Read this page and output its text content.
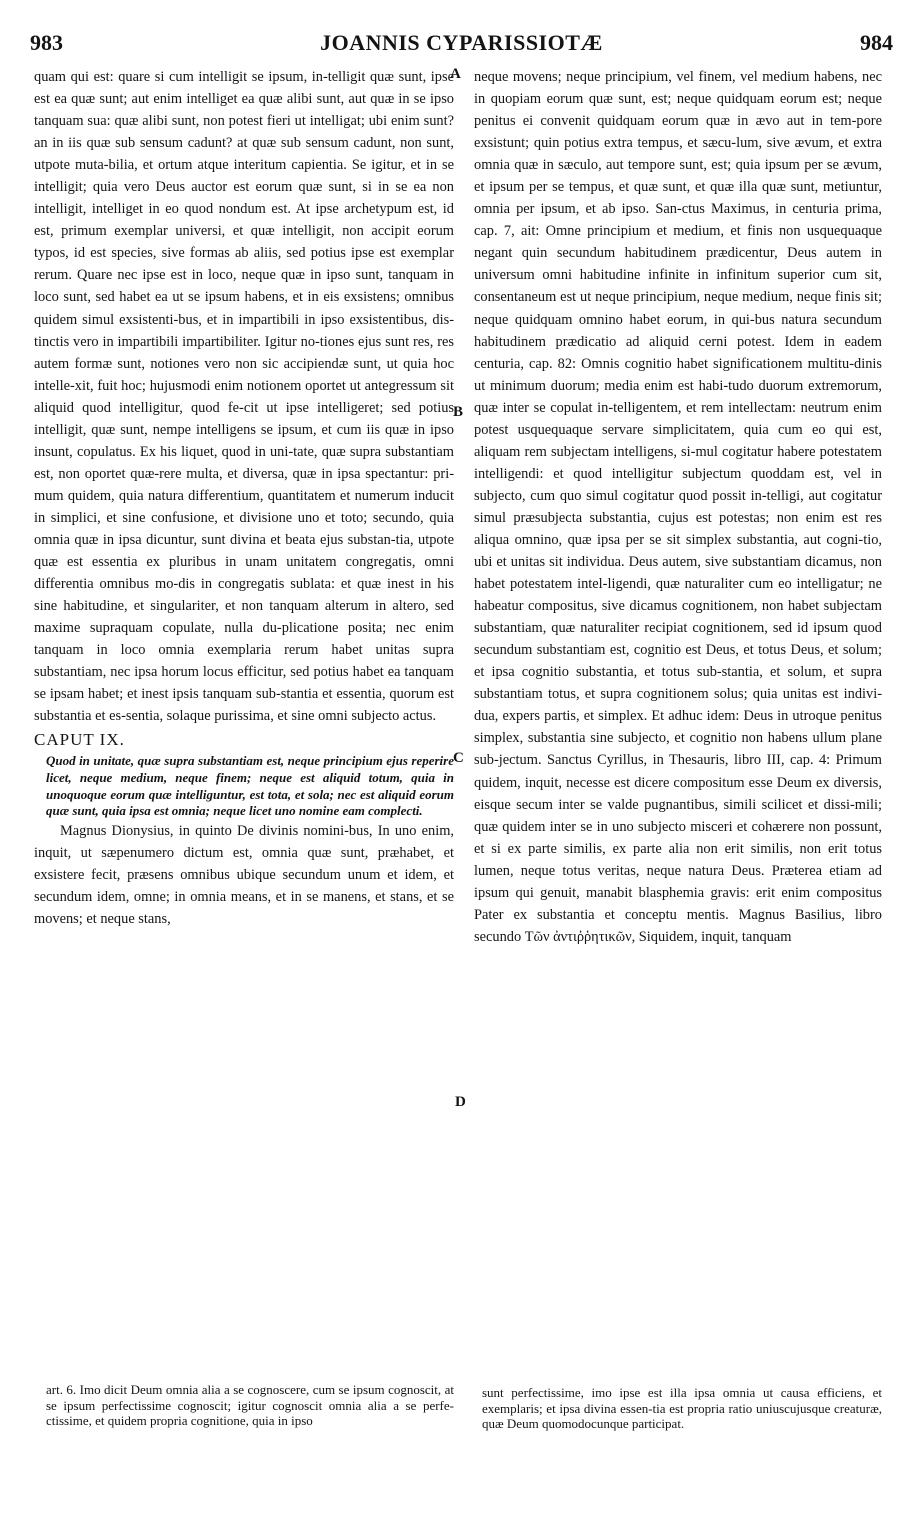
983	JOANNIS CYPARISSIOTÆ	984

quam qui est: quare si cum intelligit se ipsum, in-telligit quæ sunt, ipse est ea quæ sunt; aut enim intelliget ea quæ alibi sunt, aut quæ in se ipso tanquam sua: quæ alibi sunt, non potest fieri ut intelligat; ubi enim sunt? an in iis quæ sub sensum cadunt? at quæ sub sensum cadunt, non sunt, utpote muta-bilia, et ortum atque interitum capientia. Se igitur, et in se intelligit; quia vero Deus auctor est eorum quæ sunt, si in se ea non intelligit, intelliget in eo quod nondum est. At ipse archetypum est, id est, primum exemplar universi, et quæ intelligit, non accipit eorum typos, id est species, sive formas ab aliis, sed potius ipse est exemplar rerum. Quare nec ipse est in loco, neque quæ in ipso sunt, tanquam in loco sunt, sed habet ea ut se ipsum habens, et in eis exsistens; omnibus quidem simul exsistenti-bus, et in impartibili in ipso exsistentibus, dis-tinctis vero in impartibili impartibiliter. Igitur no-tiones ejus sunt res, res autem formæ sunt, notiones vero non sic accipiendæ sunt, ut quia hoc intelle-xit, fuit hoc; hujusmodi enim notionem oportet ut antegressum sit aliquid quod intelligitur, quod fe-cit ut ipse intelligeret; sed potius intelligit, quæ sunt, nempe intelligens se ipsum, et cum iis quæ in ipso insunt, copulatus. Ex his liquet, quod in uni-tate, quæ supra substantiam est, non oportet quæ-rere multa, et diversa, quæ in ipsa spectantur: pri-mum quidem, quia natura differentium, quantitatem et numerum inducit in simplici, et sine confusione, et divisione uno et toto; secundo, quia omnia quæ in ipsa dicuntur, sunt divina et beata ejus substan-tia, utpote quæ est essentia ex pluribus in unam unitatem congregatis, omni differentia omnibus mo-dis in congregatis sublata: et quæ inest in his sine habitudine, et singulariter, et non tanquam alterum in altero, sed maxime supraquam copulate, nulla du-plicatione posita; nec enim tanquam in loco omnia exemplaria rerum habet unitas supra substantiam, nec ipsa horum locus efficitur, sed potius habet ea tanquam se ipsam habet; et inest ipsis tanquam sub-stantia et essentia, quorum est substantia et es-sentia, solaque purissima, et sine omni subjecto actus.

CAPUT IX.

Quod in unitate, quæ supra substantiam est, neque principium ejus reperire licet, neque medium, neque finem; neque est aliquid totum, quia in unoquoque eorum quæ intelliguntur, est tota, et sola; nec est aliquid eorum quæ sunt, quia ipsa est omnia; neque licet uno nomine eam complecti.

Magnus Dionysius, in quinto De divinis nomini-bus, In uno enim, inquit, ut sæpenumero dictum est, omnia quæ sunt, præhabet, et exsistere fecit, præsens omnibus ubique secundum unum et idem, et secundum idem, omne; in omnia means, et in se manens, et stans, et se movens; et neque stans,

A
B
C
D

neque movens; neque principium, vel finem, vel medium habens, nec in quopiam eorum quæ sunt, est; neque quidquam eorum est; neque penitus ei convenit quidquam eorum quæ in ævo aut in tem-pore exsistunt; quin potius extra tempus, et sæcu-lum, sive ævum, et extra omnia quæ in sæculo, aut tempore sunt, est; quia ipsum per se ævum, et ipsum per se tempus, et quæ sunt, et quæ illa quæ sunt, metiuntur, omnia per ipsum, et ab ipso. San-ctus Maximus, in centuria prima, cap. 7, ait: Omne principium et medium, et finis non usquequaque negant quin secundum habitudinem prædicentur, Deus autem in universum omni habitudine infinite in infinitum superior cum sit, consentaneum est ut neque principium, neque medium, neque finis sit; neque quidquam omnino habet eorum, in qui-bus natura secundum habitudinem prædicatio ad aliquid cerni potest. Idem in eadem centuria, cap. 82: Omnis cognitio habet significationem multitu-dinis ut minimum duorum; media enim est habi-tudo duorum extremorum, quæ inter se copulat in-telligentem, et rem intellectam: neutrum enim potest usquequaque servare simplicitatem, quia cum eo qui est, aliquam rem subjectam intelligens, si-mul cogitatur habere potestatem intelligendi: et quod intelligitur subjectum quoddam est, vel in subjecto, cum quo simul cogitatur quod possit in-telligi, aut cogitatur simul præsubjecta substantia, cujus est potestas; non enim est res aliqua omnino, quæ ipsa per se sit simplex substantia, aut cogni-tio, ubi et unitas sit individua. Deus autem, sive substantiam dicamus, non habet potestatem intel-ligendi, quæ naturaliter cum eo intelligatur; ne habeatur compositus, sive dicamus cognitionem, non habet subjectam substantiam, quæ naturaliter recipiat cognitionem, sed id ipsum quod secundum substantiam est, cognitio est Deus, et totus Deus, et solum; et ipsa cognitio substantia, et totus sub-stantia, et solum, et supra substantiam totus, et supra cognitionem solus; quia unitas est indivi-dua, expers partis, et simplex. Et adhuc idem: Deus in utroque penitus simplex, substantia sine subjecto, et cognitio non habens ullum plane sub-jectum. Sanctus Cyrillus, in Thesauris, libro III, cap. 4: Primum quidem, inquit, necesse est dicere compositum esse Deum ex diversis, eisque secum inter se valde pugnantibus, simili scilicet et dissi-mili; quæ quidem inter se in uno subjecto misceri et cohærere non possunt, et si ex parte similis, ex parte alia non erit similis, non erit totus lumen, neque totus veritas, neque natura Deus. Præterea etiam ad ipsum qui genuit, manabit blasphemia gravis: erit enim compositus Pater ex substantia et conceptu mentis. Magnus Basilius, libro secundo Τῶν ἀντιῤῥητικῶν, Siquidem, inquit, tanquam

art. 6. Imo dicit Deum omnia alia a se cognoscere, cum se ipsum cognoscit, at se ipsum perfectissime cognoscit; igitur cognoscit omnia alia a se perfe-ctissime, et quidem propria cognitione, quia in ipso
sunt perfectissime, imo ipse est illa ipsa omnia ut causa efficiens, et exemplaris; et ipsa divina essen-tia est propria ratio uniuscujusque creaturæ, quæ Deum quomodocunque participat.
